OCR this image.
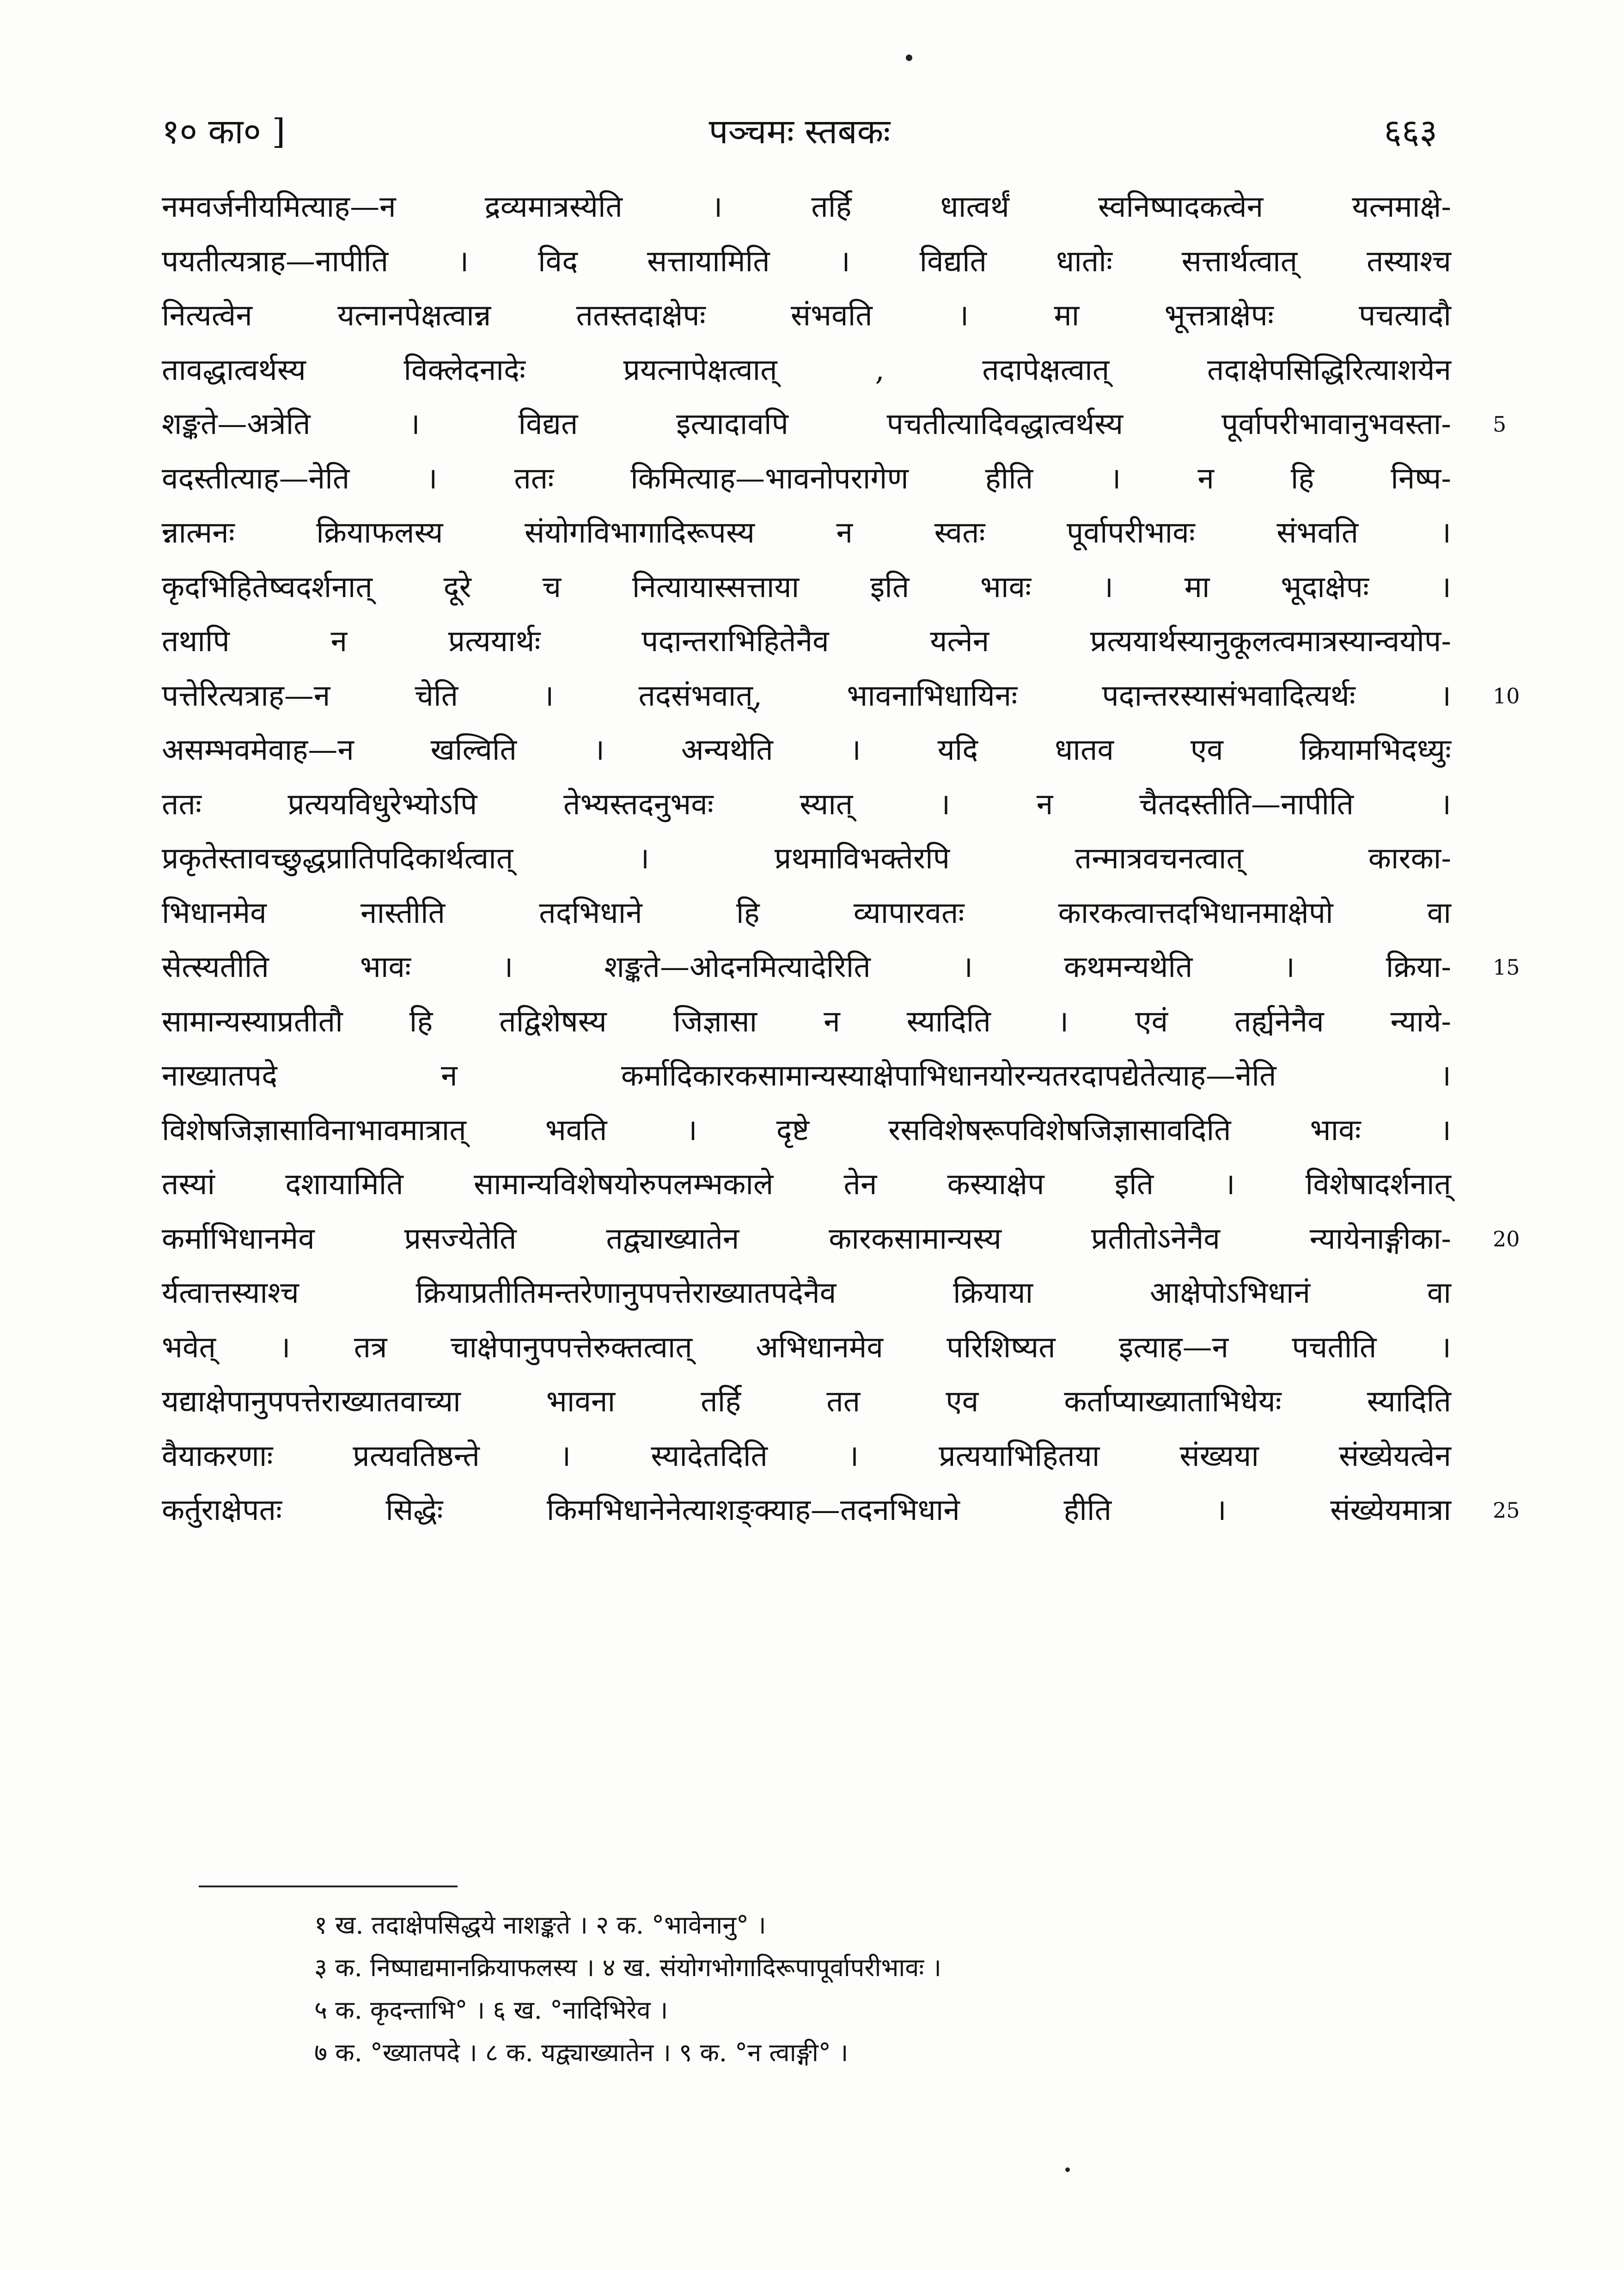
१० का० ]	पञ्चमः स्तबकः	६६३
नमवर्जनीयमित्याह—न द्रव्यमात्रस्येति । तर्हि धात्वर्थं स्वनिष्पादकत्वेन यत्नमाक्षे-
पयतीत्यत्राह—नापीति । विद सत्तायामिति । विद्यति धातोः सत्तार्थत्वात् तस्याश्च
नित्यत्वेन यत्नानपेक्षत्वान्न ततस्तदाक्षेपः संभवति । मा भूत्तत्राक्षेपः पचत्यादौ
तावद्धात्वर्थस्य विक्लेदनादेः प्रयत्नापेक्षत्वात् , तदापेक्षत्वात् तदाक्षेपसिद्धिरित्याशयेन
शङ्कते—अत्रेति । विद्यत इत्यादावपि पचतीत्यादिवद्धात्वर्थस्य पूर्वापरीभावानुभवस्ता- 5
वदस्तीत्याह—नेति । ततः किमित्याह—भावनोपरागेण हीति । न हि निष्प-
न्नात्मनः क्रियाफलस्य संयोगविभागादिरूपस्य न स्वतः पूर्वापरीभावः संभवति ।
कृदभिहितेष्वदर्शनात् दूरे च नित्यायास्सत्ताया इति भावः । मा भूदाक्षेपः ।
तथापि न प्रत्ययार्थः पदान्तराभिहितेनैव यत्नेन प्रत्ययार्थस्यानुकूलत्वमात्रस्यान्वयोप-
पत्तेरित्यत्राह—न चेति । तदसंभवात्, भावनाभिधायिनः पदान्तरस्यासंभवादित्यर्थः । 10
असम्भवमेवाह—न खल्विति । अन्यथेति । यदि धातव एव क्रियामभिदध्युः
ततः प्रत्ययविधुरेभ्योऽपि तेभ्यस्तदनुभवः स्यात् । न चैतदस्तीति—नापीति ।
प्रकृतेस्तावच्छुद्धप्रातिपदिकार्थत्वात् । प्रथमाविभक्तेरपि तन्मात्रवचनत्वात् कारका-
भिधानमेव नास्तीति तदभिधाने हि व्यापारवतः कारकत्वात्तदभिधानमाक्षेपो वा
सेत्स्यतीति भावः । शङ्कते—ओदनमित्यादेरिति । कथमन्यथेति । क्रिया- 15
सामान्यस्याप्रतीतौ हि तद्विशेषस्य जिज्ञासा न स्यादिति । एवं तर्ह्यनेनैव न्याये-
नाख्यातपदे न कर्मादिकारकसामान्यस्याक्षेपाभिधानयोरन्यतरदापद्येतेत्याह—नेति ।
विशेषजिज्ञासाविनाभावमात्रात् भवति । दृष्टे रसविशेषरूपविशेषजिज्ञासावदिति भावः ।
तस्यां दशायामिति सामान्यविशेषयोरुपलम्भकाले तेन कस्याक्षेप इति । विशेषादर्शनात्
कर्माभिधानमेव प्रसज्येतेति तद्व्याख्यातेन कारकसामान्यस्य प्रतीतोऽनेनैव न्यायेनाङ्गीका- 20
र्यत्वात्तस्याश्च क्रियाप्रतीतिमन्तरेणानुपपत्तेराख्यातपदेनैव क्रियाया आक्षेपोऽभिधानं वा
भवेत् । तत्र चाक्षेपानुपपत्तेरुक्तत्वात् अभिधानमेव परिशिष्यत इत्याह—न पचतीति ।
यद्याक्षेपानुपपत्तेराख्यातवाच्या भावना तर्हि तत एव कर्ताप्याख्याताभिधेयः स्यादिति
वैयाकरणाः प्रत्यवतिष्ठन्ते । स्यादेतदिति । प्रत्ययाभिहितया संख्यया संख्येयत्वेन
कर्तुराक्षेपतः सिद्धेः किमभिधानेनेत्याशङ्क्याह—तदनभिधाने हीति । संख्येयमात्रा 25
१ ख. तदाक्षेपसिद्धये नाशङ्कते । २ क. °भावेनानु° ।
३ क. निष्पाद्यमानक्रियाफलस्य । ४ ख. संयोगभोगादिरूपापूर्वापरीभावः ।
५ क. कृदन्ताभि° । ६ ख. °नादिभिरेव ।
७ क. °ख्यातपदे । ८ क. यद्व्याख्यातेन । ९ क. °न त्वाङ्गी° ।
